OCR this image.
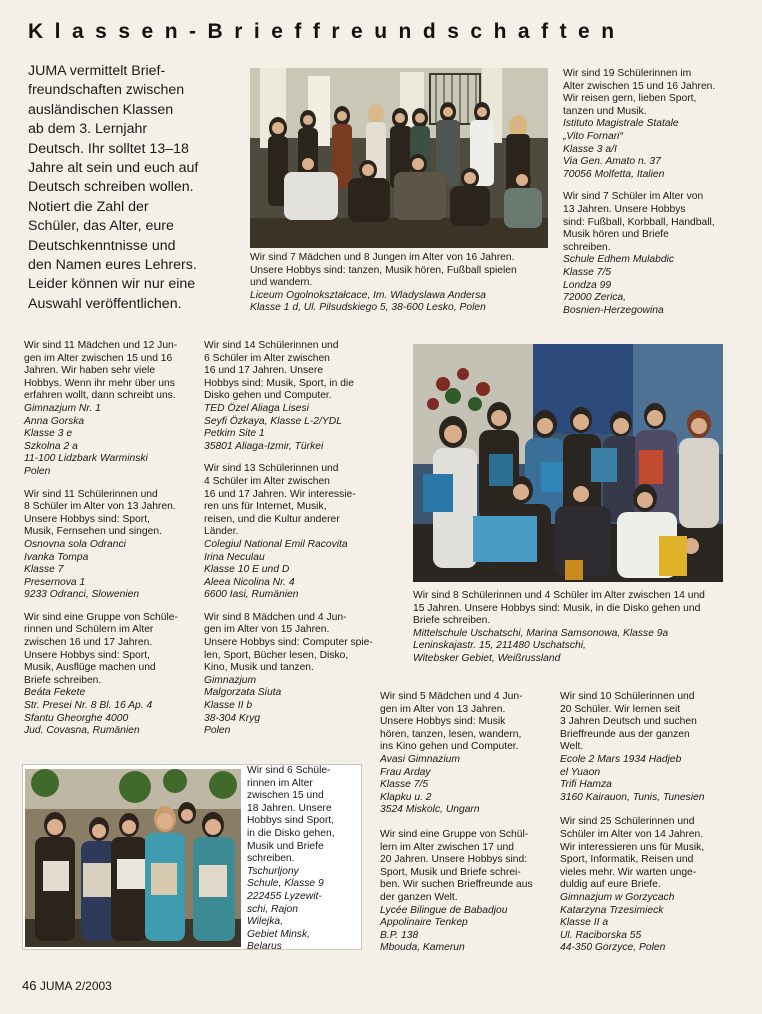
Klassen-Brieffreundschaften
JUMA vermittelt Brief-
freundschaften zwischen
ausländischen Klassen
ab dem 3. Lernjahr
Deutsch. Ihr solltet 13–18
Jahre alt sein und euch auf
Deutsch schreiben wollen.
Notiert die Zahl der
Schüler, das Alter, eure
Deutschkenntnisse und
den Namen eures Lehrers.
Leider können wir nur eine
Auswahl veröffentlichen.
Wir sind 7 Mädchen und 8 Jungen im Alter von 16 Jahren.
Unsere Hobbys sind: tanzen, Musik hören, Fußball spielen
und wandern.
Liceum Ogolnokształcace, Im. Wladyslawa Andersa
Klasse 1 d, Ul. Pilsudskiego 5, 38-600 Lesko, Polen
Wir sind 19 Schülerinnen im
Alter zwischen 15 und 16 Jahren.
Wir reisen gern, lieben Sport,
tanzen und Musik.
Istituto Magistrale Statale
„Vito Fornari“
Klasse 3 a/I
Via Gen. Amato n. 37
70056 Molfetta, Italien
Wir sind 7 Schüler im Alter von
13 Jahren. Unsere Hobbys
sind: Fußball, Korbball, Handball,
Musik hören und Briefe
schreiben.
Schule Edhem Mulabdic
Klasse 7/5
Londza 99
72000 Zerica,
Bosnien-Herzegowina
Wir sind 11 Mädchen und 12 Jun-
gen im Alter zwischen 15 und 16
Jahren. Wir haben sehr viele
Hobbys. Wenn ihr mehr über uns
erfahren wollt, dann schreibt uns.
Gimnazjum Nr. 1
Anna Gorska
Klasse 3 e
Szkolna 2 a
11-100 Lidzbark Warminski
Polen
Wir sind 11 Schülerinnen und
8 Schüler im Alter von 13 Jahren.
Unsere Hobbys sind: Sport,
Musik, Fernsehen und singen.
Osnovna sola Odranci
Ivanka Tompa
Klasse 7
Presernova 1
9233 Odranci, Slowenien
Wir sind eine Gruppe von Schüle-
rinnen und Schülern im Alter
zwischen 16 und 17 Jahren.
Unsere Hobbys sind: Sport,
Musik, Ausflüge machen und
Briefe schreiben.
Beáta Fekete
Str. Presei Nr. 8 Bl. 16 Ap. 4
Sfantu Gheorghe 4000
Jud. Covasna, Rumänien
Wir sind 14 Schülerinnen und
6 Schüler im Alter zwischen
16 und 17 Jahren. Unsere
Hobbys sind: Musik, Sport, in die
Disko gehen und Computer.
TED Özel Aliaga Lisesi
Seyfi Özkaya, Klasse L-2/YDL
Petkim Site 1
35801 Aliaga-Izmir, Türkei
Wir sind 13 Schülerinnen und
4 Schüler im Alter zwischen
16 und 17 Jahren. Wir interessie-
ren uns für Internet, Musik,
reisen, und die Kultur anderer
Länder.
Colegiul National Emil Racovita
Irina Neculau
Klasse 10 E und D
Aleea Nicolina Nr. 4
6600 Iasi, Rumänien
Wir sind 8 Mädchen und 4 Jun-
gen im Alter von 15 Jahren.
Unsere Hobbys sind: Computer spie-
len, Sport, Bücher lesen, Disko,
Kino, Musik und tanzen.
Gimnazjum
Malgorzata Siuta
Klasse II b
38-304 Kryg
Polen
Wir sind 8 Schülerinnen und 4 Schüler im Alter zwischen 14 und
15 Jahren. Unsere Hobbys sind: Musik, in die Disko gehen und
Briefe schreiben.
Mittelschule Uschatschi, Marina Samsonowa, Klasse 9a
Leninskajastr. 15, 211480 Uschatschi,
Witebsker Gebiet, Weißrussland
Wir sind 5 Mädchen und 4 Jun-
gen im Alter von 13 Jahren.
Unsere Hobbys sind: Musik
hören, tanzen, lesen, wandern,
ins Kino gehen und Computer.
Avasi Gimnazium
Frau Arday
Klasse 7/5
Klapku u. 2
3524 Miskolc, Ungarn
Wir sind eine Gruppe von Schül-
lern im Alter zwischen 17 und
20 Jahren. Unsere Hobbys sind:
Sport, Musik und Briefe schrei-
ben. Wir suchen Brieffreunde aus
der ganzen Welt.
Lycée Bilingue de Babadjou
Appolinaire Tenkep
B.P. 138
Mbouda, Kamerun
Wir sind 10 Schülerinnen und
20 Schüler. Wir lernen seit
3 Jahren Deutsch und suchen
Brieffreunde aus der ganzen
Welt.
Ecole 2 Mars 1934 Hadjeb
el Yuaon
Trifi Hamza
3160 Kairauon, Tunis, Tunesien
Wir sind 25 Schülerinnen und
Schüler im Alter von 14 Jahren.
Wir interessieren uns für Musik,
Sport, Informatik, Reisen und
vieles mehr. Wir warten unge-
duldig auf eure Briefe.
Gimnazjum w Gorzycach
Katarzyna Trzesimieck
Klasse II a
Ul. Raciborska 55
44-350 Gorzyce, Polen
Wir sind 6 Schüle-
rinnen im Alter
zwischen 15 und
18 Jahren. Unsere
Hobbys sind Sport,
in die Disko gehen,
Musik und Briefe
schreiben.
Tschurljony
Schule, Klasse 9
222455 Lyzewit-
schi, Rajon
Wilejka,
Gebiet Minsk,
Belarus
46 JUMA 2/2003
